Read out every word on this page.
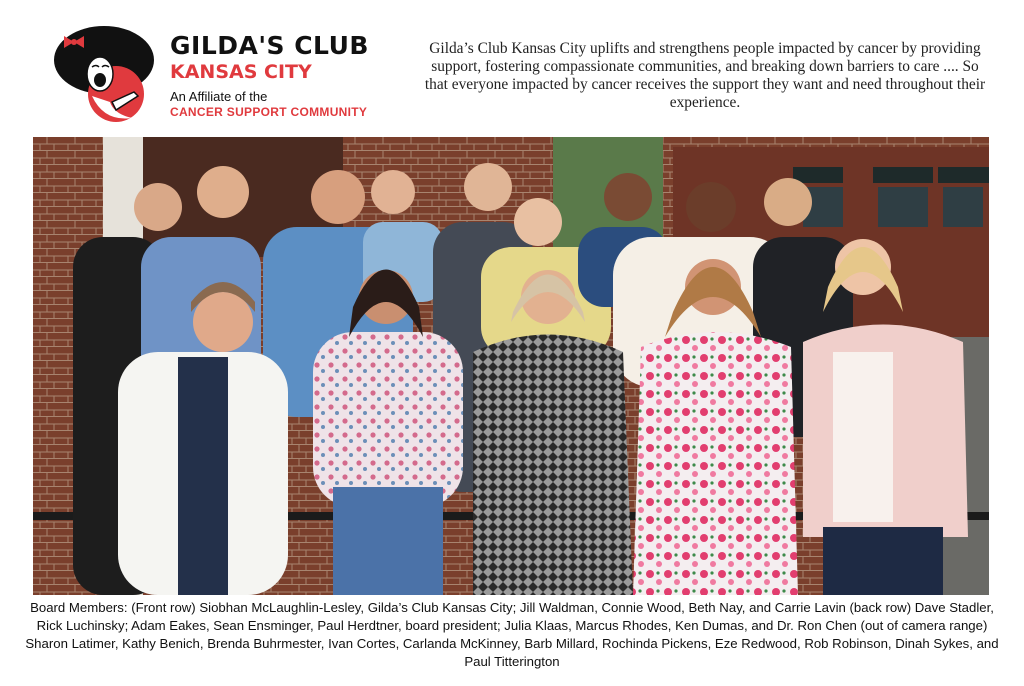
GILDA'S CLUB
KANSAS CITY
An Affiliate of the
CANCER SUPPORT COMMUNITY
Gilda’s Club Kansas City uplifts and strengthens people impacted by cancer by providing support, fostering compassionate communities, and breaking down barriers to care .... So that everyone impacted by cancer receives the support they want and need throughout their experience.
Board Members: (Front row) Siobhan McLaughlin-Lesley, Gilda’s Club Kansas City; Jill Waldman, Connie Wood, Beth Nay, and Carrie Lavin (back row) Dave Stadler, Rick Luchinsky; Adam Eakes, Sean Ensminger, Paul Herdtner, board president; Julia Klaas, Marcus Rhodes, Ken Dumas, and Dr. Ron Chen (out of camera range) Sharon Latimer, Kathy Benich, Brenda Buhrmester, Ivan Cortes, Carlanda McKinney, Barb Millard, Rochinda Pickens, Eze Redwood, Rob Robinson, Dinah Sykes, and Paul Titterington
